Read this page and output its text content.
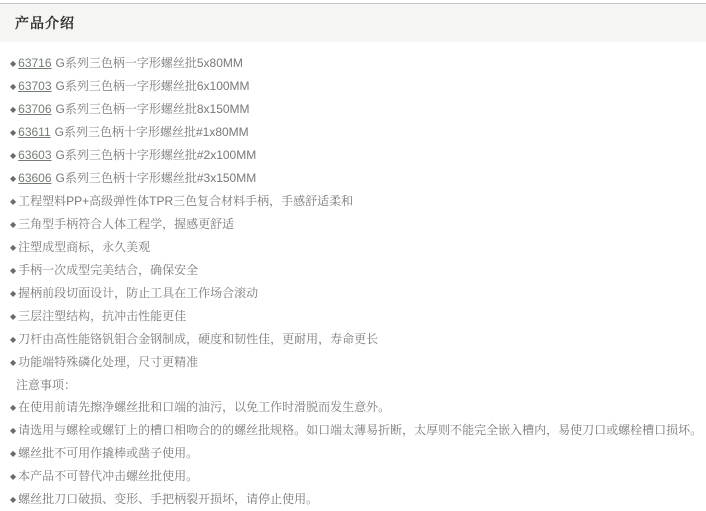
产品介绍
◆ 63716 G系列三色柄一字形螺丝批5x80MM
◆ 63703 G系列三色柄一字形螺丝批6x100MM
◆ 63706 G系列三色柄一字形螺丝批8x150MM
◆ 63611 G系列三色柄十字形螺丝批#1x80MM
◆ 63603 G系列三色柄十字形螺丝批#2x100MM
◆ 63606 G系列三色柄十字形螺丝批#3x150MM
◆ 工程塑料PP+高级弹性体TPR三色复合材料手柄，手感舒适柔和
◆ 三角型手柄符合人体工程学，握感更舒适
◆ 注塑成型商标，永久美观
◆ 手柄一次成型完美结合，确保安全
◆ 握柄前段切面设计，防止工具在工作场合滚动
◆ 三层注塑结构，抗冲击性能更佳
◆ 刀杆由高性能铬钒钼合金钢制成，硬度和韧性佳，更耐用，寿命更长
◆ 功能端特殊磷化处理，尺寸更精准
注意事项：
◆ 在使用前请先擦净螺丝批和口端的油污，以免工作时滑脱而发生意外。
◆ 请选用与螺栓或螺钉上的槽口相吻合的的螺丝批规格。如口端太薄易折断，太厚则不能完全嵌入槽内，易使刀口或螺栓槽口损坏。
◆ 螺丝批不可用作撬棒或凿子使用。
◆ 本产品不可替代冲击螺丝批使用。
◆ 螺丝批刀口破损、变形、手把柄裂开损坏，请停止使用。
